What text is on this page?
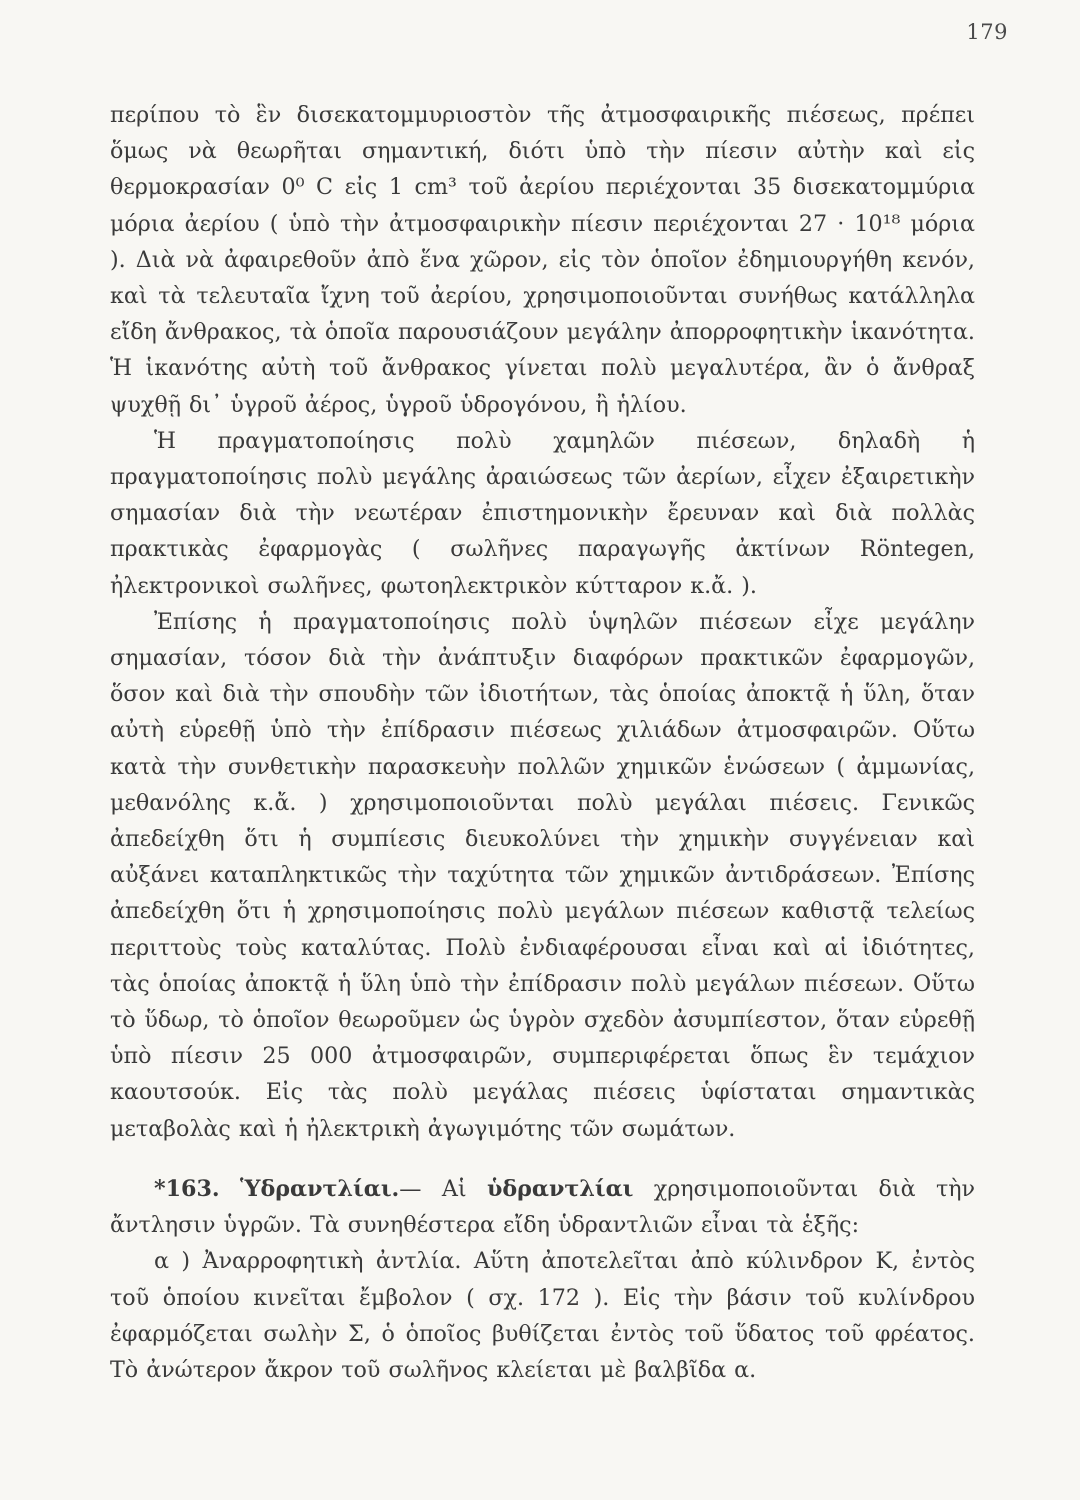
179

περίπου τὸ ἓν δισεκατομμυριοστὸν τῆς ἀτμοσφαιρικῆς πιέσεως, πρέπει ὅμως νὰ θεωρῆται σημαντική, διότι ὑπὸ τὴν πίεσιν αὐτὴν καὶ εἰς θερμοκρασίαν 0⁰ C εἰς 1 cm³ τοῦ ἀερίου περιέχονται 35 δισεκατομμύρια μόρια ἀερίου ( ὑπὸ τὴν ἀτμοσφαιρικὴν πίεσιν περιέχονται 27 · 10¹⁸ μόρια ). Διὰ νὰ ἀφαιρεθοῦν ἀπὸ ἕνα χῶρον, εἰς τὸν ὁποῖον ἐδημιουργήθη κενόν, καὶ τὰ τελευταῖα ἴχνη τοῦ ἀερίου, χρησιμοποιοῦνται συνήθως κατάλληλα εἴδη ἄνθρακος, τὰ ὁποῖα παρουσιάζουν μεγάλην ἀπορροφητικὴν ἱκανότητα. Ἡ ἱκανότης αὐτὴ τοῦ ἄνθρακος γίνεται πολὺ μεγαλυτέρα, ἂν ὁ ἄνθραξ ψυχθῇ δι᾽ ὑγροῦ ἀέρος, ὑγροῦ ὑδρογόνου, ἢ ἡλίου.

Ἡ πραγματοποίησις πολὺ χαμηλῶν πιέσεων, δηλαδὴ ἡ πραγματοποίησις πολὺ μεγάλης ἀραιώσεως τῶν ἀερίων, εἶχεν ἐξαιρετικὴν σημασίαν διὰ τὴν νεωτέραν ἐπιστημονικὴν ἔρευναν καὶ διὰ πολλὰς πρακτικὰς ἐφαρμογὰς ( σωλῆνες παραγωγῆς ἀκτίνων Röntegen, ἠλεκτρονικοὶ σωλῆνες, φωτοηλεκτρικὸν κύτταρον κ.ἄ. ).

Ἐπίσης ἡ πραγματοποίησις πολὺ ὑψηλῶν πιέσεων εἶχε μεγάλην σημασίαν, τόσον διὰ τὴν ἀνάπτυξιν διαφόρων πρακτικῶν ἐφαρμογῶν, ὅσον καὶ διὰ τὴν σπουδὴν τῶν ἰδιοτήτων, τὰς ὁποίας ἀποκτᾷ ἡ ὕλη, ὅταν αὐτὴ εὑρεθῇ ὑπὸ τὴν ἐπίδρασιν πιέσεως χιλιάδων ἀτμοσφαιρῶν. Οὕτω κατὰ τὴν συνθετικὴν παρασκευὴν πολλῶν χημικῶν ἑνώσεων ( ἀμμωνίας, μεθανόλης κ.ἄ. ) χρησιμοποιοῦνται πολὺ μεγάλαι πιέσεις. Γενικῶς ἀπεδείχθη ὅτι ἡ συμπίεσις διευκολύνει τὴν χημικὴν συγγένειαν καὶ αὐξάνει καταπληκτικῶς τὴν ταχύτητα τῶν χημικῶν ἀντιδράσεων. Ἐπίσης ἀπεδείχθη ὅτι ἡ χρησιμοποίησις πολὺ μεγάλων πιέσεων καθιστᾷ τελείως περιττοὺς τοὺς καταλύτας. Πολὺ ἐνδιαφέρουσαι εἶναι καὶ αἱ ἰδιότητες, τὰς ὁποίας ἀποκτᾷ ἡ ὕλη ὑπὸ τὴν ἐπίδρασιν πολὺ μεγάλων πιέσεων. Οὕτω τὸ ὕδωρ, τὸ ὁποῖον θεωροῦμεν ὡς ὑγρὸν σχεδὸν ἀσυμπίεστον, ὅταν εὑρεθῇ ὑπὸ πίεσιν 25 000 ἀτμοσφαιρῶν, συμπεριφέρεται ὅπως ἓν τεμάχιον καουτσούκ. Εἰς τὰς πολὺ μεγάλας πιέσεις ὑφίσταται σημαντικὰς μεταβολὰς καὶ ἡ ἠλεκτρικὴ ἀγωγιμότης τῶν σωμάτων.

*163. Ὑδραντλίαι.— Αἱ ὑδραντλίαι χρησιμοποιοῦνται διὰ τὴν ἄντλησιν ὑγρῶν. Τὰ συνηθέστερα εἴδη ὑδραντλιῶν εἶναι τὰ ἑξῆς:

α ) Ἀναρροφητικὴ ἀντλία. Αὕτη ἀποτελεῖται ἀπὸ κύλινδρον Κ, ἐντὸς τοῦ ὁποίου κινεῖται ἔμβολον ( σχ. 172 ). Εἰς τὴν βάσιν τοῦ κυλίνδρου ἐφαρμόζεται σωλὴν Σ, ὁ ὁποῖος βυθίζεται ἐντὸς τοῦ ὕδατος τοῦ φρέατος. Τὸ ἀνώτερον ἄκρον τοῦ σωλῆνος κλείεται μὲ βαλβῖδα α.
